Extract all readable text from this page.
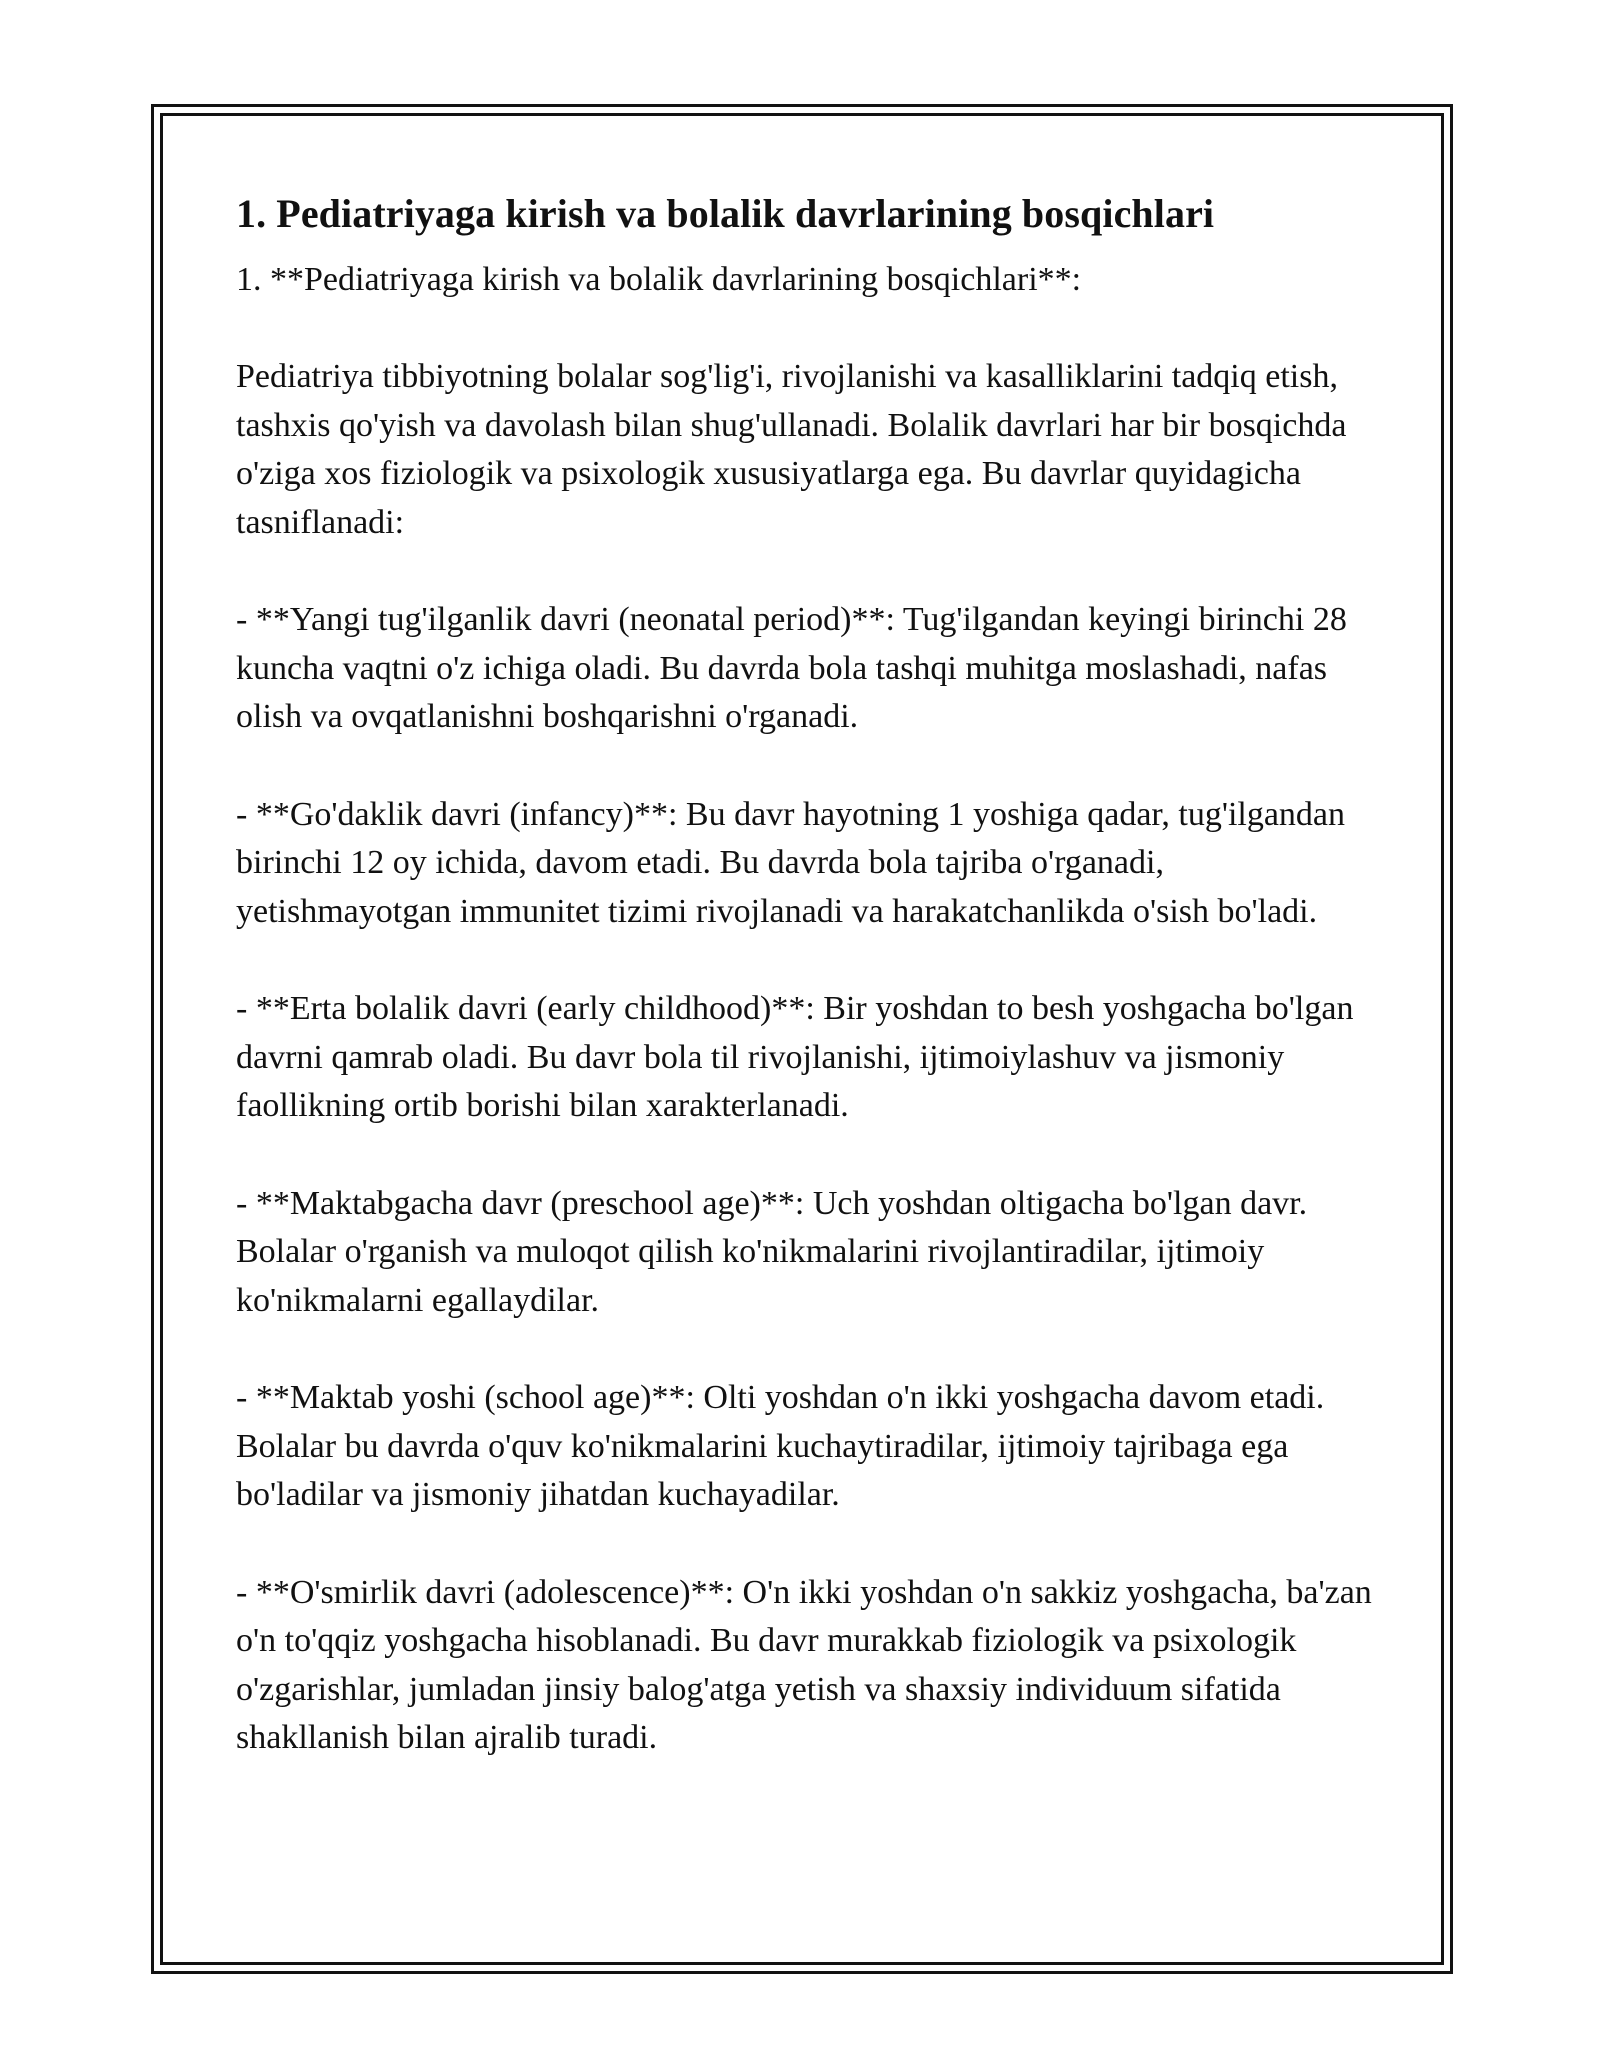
1. Pediatriyaga kirish va bolalik davrlarining bosqichlari

1. **Pediatriyaga kirish va bolalik davrlarining bosqichlari**:

Pediatriya tibbiyotning bolalar sog'lig'i, rivojlanishi va kasalliklarini tadqiq etish, tashxis qo'yish va davolash bilan shug'ullanadi. Bolalik davrlari har bir bosqichda o'ziga xos fiziologik va psixologik xususiyatlarga ega. Bu davrlar quyidagicha tasniflanadi:

- **Yangi tug'ilganlik davri (neonatal period)**: Tug'ilgandan keyingi birinchi 28 kuncha vaqtni o'z ichiga oladi. Bu davrda bola tashqi muhitga moslashadi, nafas olish va ovqatlanishni boshqarishni o'rganadi.

- **Go'daklik davri (infancy)**: Bu davr hayotning 1 yoshiga qadar, tug'ilgandan birinchi 12 oy ichida, davom etadi. Bu davrda bola tajriba o'rganadi, yetishmayotgan immunitet tizimi rivojlanadi va harakatchanlikda o'sish bo'ladi.

- **Erta bolalik davri (early childhood)**: Bir yoshdan to besh yoshgacha bo'lgan davrni qamrab oladi. Bu davr bola til rivojlanishi, ijtimoiylashuv va jismoniy faollikning ortib borishi bilan xarakterlanadi.

- **Maktabgacha davr (preschool age)**: Uch yoshdan oltigacha bo'lgan davr. Bolalar o'rganish va muloqot qilish ko'nikmalarini rivojlantiradilar, ijtimoiy ko'nikmalarni egallaydilar.

- **Maktab yoshi (school age)**: Olti yoshdan o'n ikki yoshgacha davom etadi. Bolalar bu davrda o'quv ko'nikmalarini kuchaytiradilar, ijtimoiy tajribaga ega bo'ladilar va jismoniy jihatdan kuchayadilar.

- **O'smirlik davri (adolescence)**: O'n ikki yoshdan o'n sakkiz yoshgacha, ba'zan o'n to'qqiz yoshgacha hisoblanadi. Bu davr murakkab fiziologik va psixologik o'zgarishlar, jumladan jinsiy balog'atga yetish va shaxsiy individuum sifatida shakllanish bilan ajralib turadi.
